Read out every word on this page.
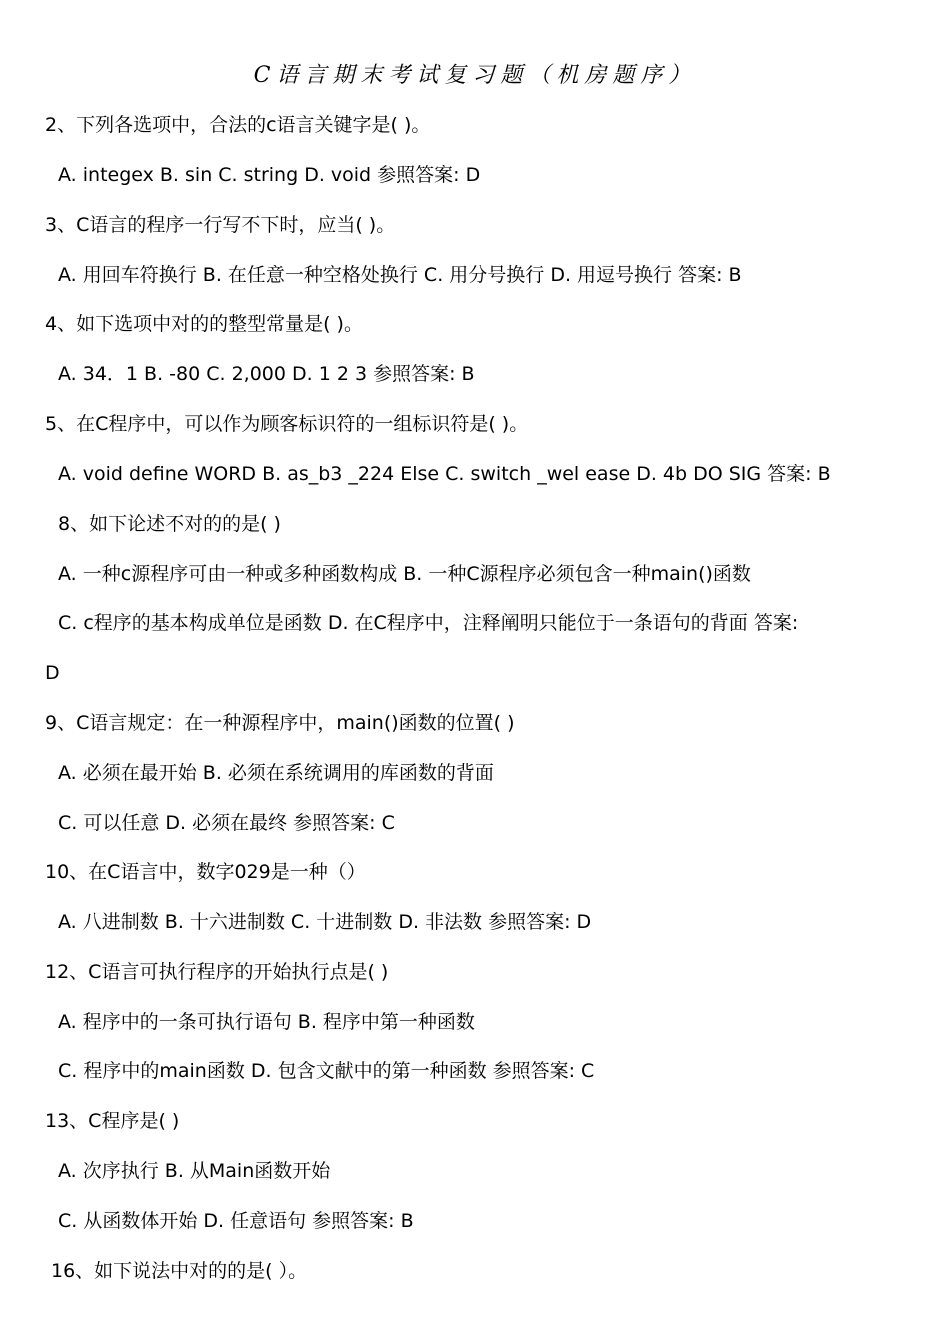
C语言期末考试复习题（机房题序）
2、下列各选项中，合法的c语言关键字是( )。
A. integex B. sin C. string D. void 参照答案: D
3、C语言的程序一行写不下时，应当( )。
A. 用回车符换行 B. 在任意一种空格处换行 C. 用分号换行 D. 用逗号换行 答案: B
4、如下选项中对的的整型常量是( )。
A. 34．1 B. -80 C. 2,000 D. 1 2 3 参照答案: B
5、在C程序中，可以作为顾客标识符的一组标识符是( )。
A. void define WORD B. as_b3 _224 Else C. switch _wel ease D. 4b DO SIG 答案: B
8、如下论述不对的的是( )
A. 一种c源程序可由一种或多种函数构成 B. 一种C源程序必须包含一种main()函数
C. c程序的基本构成单位是函数 D. 在C程序中，注释阐明只能位于一条语句的背面 答案:
D
9、C语言规定：在一种源程序中，main()函数的位置( )
A. 必须在最开始 B. 必须在系统调用的库函数的背面
C. 可以任意 D. 必须在最终 参照答案: C
10、在C语言中，数字029是一种（）
A. 八进制数 B. 十六进制数 C. 十进制数 D. 非法数 参照答案: D
12、C语言可执行程序的开始执行点是( )
A. 程序中的一条可执行语句 B. 程序中第一种函数
C. 程序中的main函数 D. 包含文献中的第一种函数 参照答案: C
13、C程序是( )
A. 次序执行 B. 从Main函数开始
C. 从函数体开始 D. 任意语句 参照答案: B
16、如下说法中对的的是( ）。
